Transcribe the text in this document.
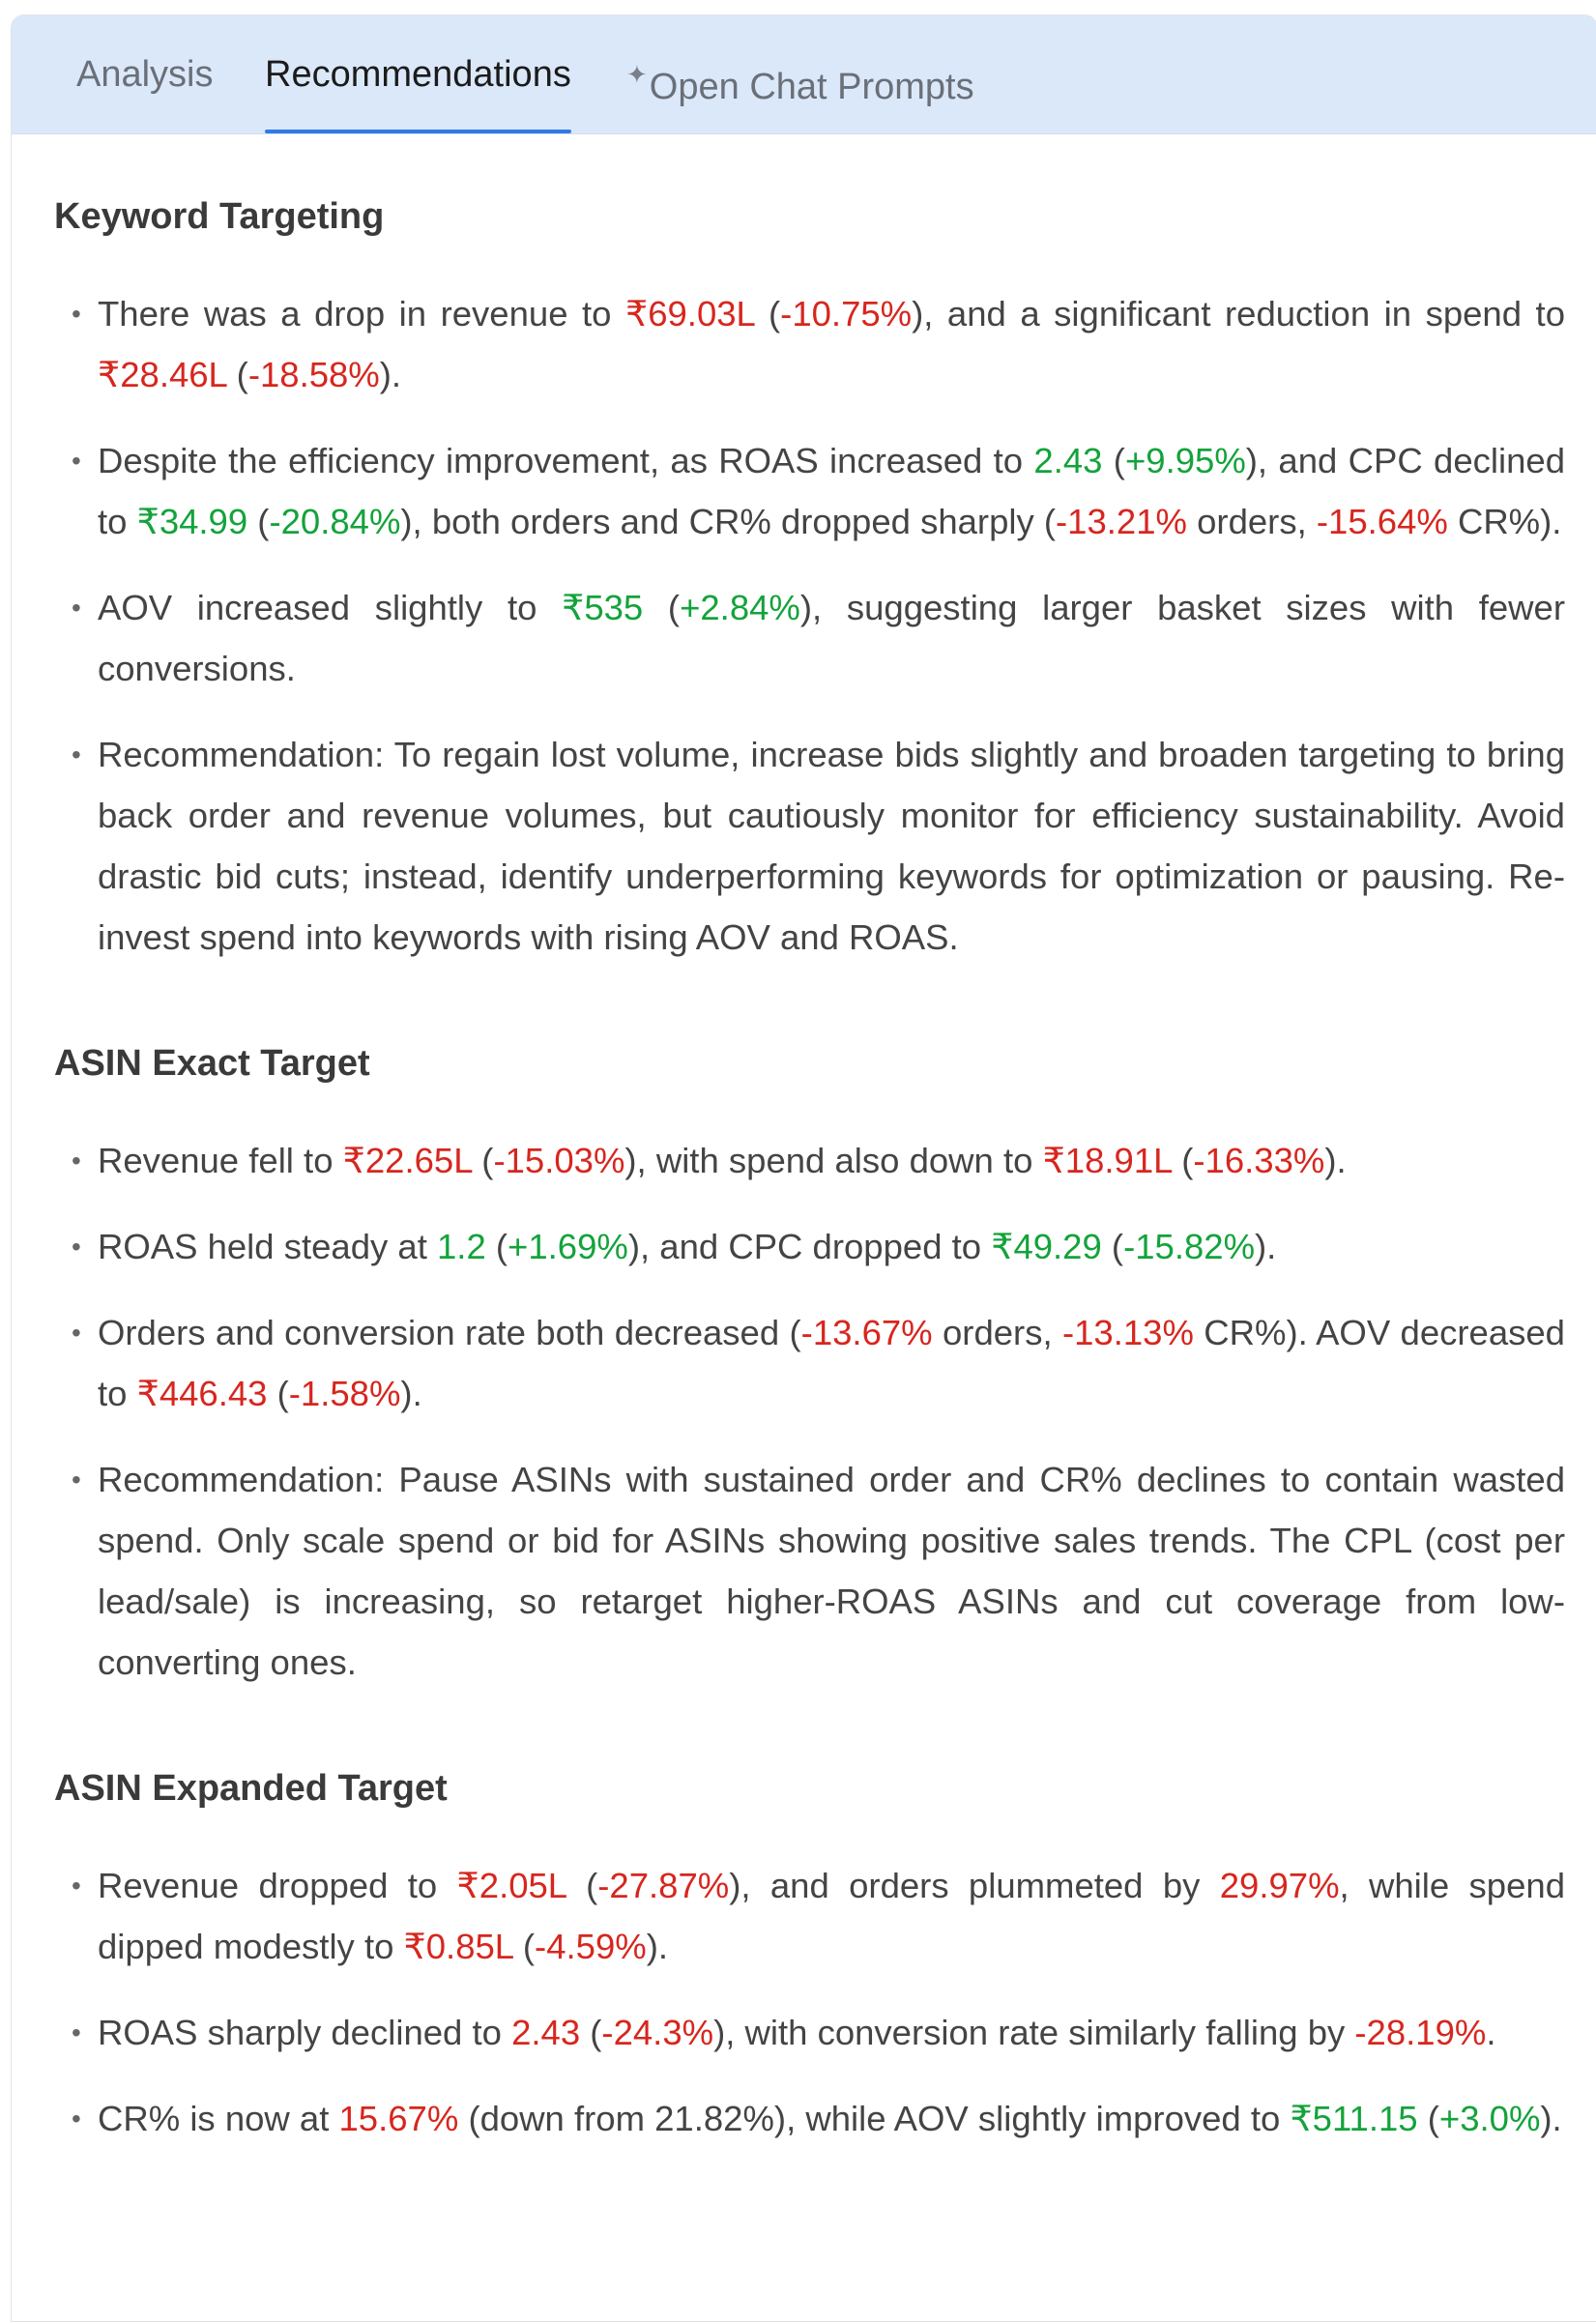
Analysis Recommendations ✦Open Chat Prompts
Keyword Targeting
• There was a drop in revenue to ₹69.03L (-10.75%), and a significant reduction in spend to ₹28.46L (-18.58%).
• Despite the efficiency improvement, as ROAS increased to 2.43 (+9.95%), and CPC declined to ₹34.99 (-20.84%), both orders and CR% dropped sharply (-13.21% orders, -15.64% CR%).
• AOV increased slightly to ₹535 (+2.84%), suggesting larger basket sizes with fewer conversions.
• Recommendation: To regain lost volume, increase bids slightly and broaden targeting to bring back order and revenue volumes, but cautiously monitor for efficiency sustainability. Avoid drastic bid cuts; instead, identify underperforming keywords for optimization or pausing. Re-invest spend into keywords with rising AOV and ROAS.
ASIN Exact Target
• Revenue fell to ₹22.65L (-15.03%), with spend also down to ₹18.91L (-16.33%).
• ROAS held steady at 1.2 (+1.69%), and CPC dropped to ₹49.29 (-15.82%).
• Orders and conversion rate both decreased (-13.67% orders, -13.13% CR%). AOV decreased to ₹446.43 (-1.58%).
• Recommendation: Pause ASINs with sustained order and CR% declines to contain wasted spend. Only scale spend or bid for ASINs showing positive sales trends. The CPL (cost per lead/sale) is increasing, so retarget higher-ROAS ASINs and cut coverage from low-converting ones.
ASIN Expanded Target
• Revenue dropped to ₹2.05L (-27.87%), and orders plummeted by 29.97%, while spend dipped modestly to ₹0.85L (-4.59%).
• ROAS sharply declined to 2.43 (-24.3%), with conversion rate similarly falling by -28.19%.
• CR% is now at 15.67% (down from 21.82%), while AOV slightly improved to ₹511.15 (+3.0%).
